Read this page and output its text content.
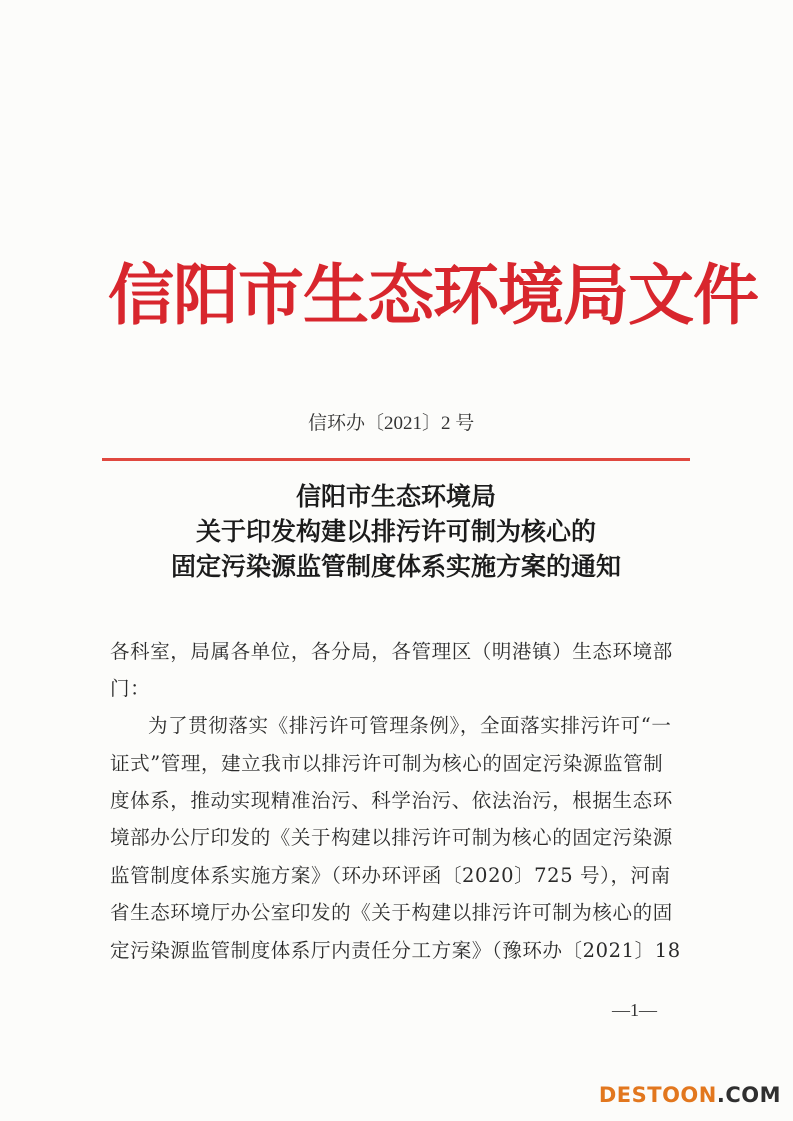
信阳市生态环境局文件
信环办〔2021〕2 号
信阳市生态环境局
关于印发构建以排污许可制为核心的
固定污染源监管制度体系实施方案的通知
各科室，局属各单位，各分局，各管理区（明港镇）生态环境部
门：
为了贯彻落实《排污许可管理条例》，全面落实排污许可“一
证式”管理，建立我市以排污许可制为核心的固定污染源监管制
度体系，推动实现精准治污、科学治污、依法治污，根据生态环
境部办公厅印发的《关于构建以排污许可制为核心的固定污染源
监管制度体系实施方案》（环办环评函〔2020〕725 号），河南
省生态环境厅办公室印发的《关于构建以排污许可制为核心的固
定污染源监管制度体系厅内责任分工方案》（豫环办〔2021〕18
—1—
DESTOON.COM
